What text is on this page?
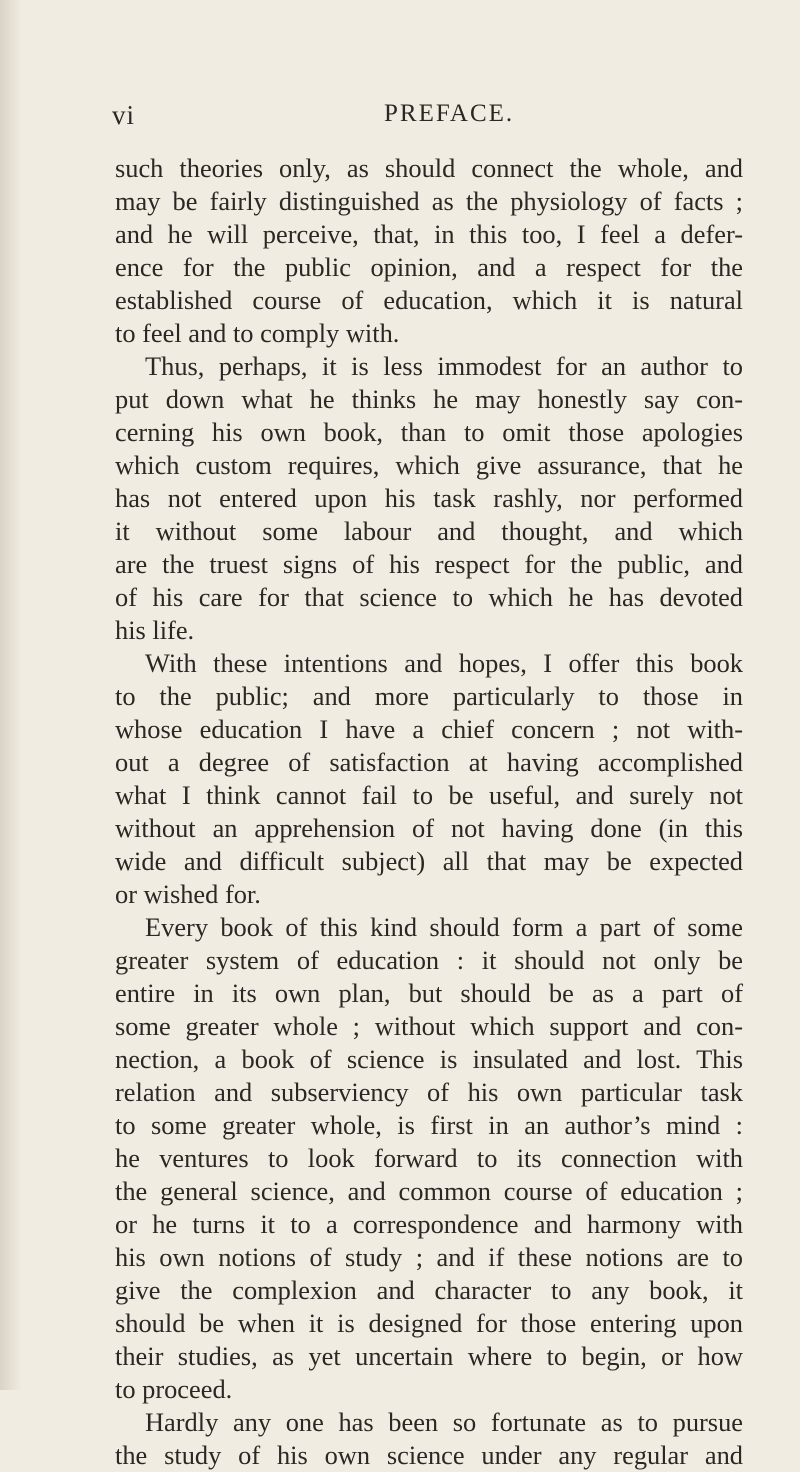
vi	PREFACE.
such theories only, as should connect the whole, and
may be fairly distinguished as the physiology of facts ;
and he will perceive, that, in this too, I feel a defer-
ence for the public opinion, and a respect for the
established course of education, which it is natural
to feel and to comply with.
Thus, perhaps, it is less immodest for an author to
put down what he thinks he may honestly say con-
cerning his own book, than to omit those apologies
which custom requires, which give assurance, that he
has not entered upon his task rashly, nor performed
it without some labour and thought, and which
are the truest signs of his respect for the public, and
of his care for that science to which he has devoted
his life.
With these intentions and hopes, I offer this book
to the public; and more particularly to those in
whose education I have a chief concern ; not with-
out a degree of satisfaction at having accomplished
what I think cannot fail to be useful, and surely not
without an apprehension of not having done (in this
wide and difficult subject) all that may be expected
or wished for.
Every book of this kind should form a part of some
greater system of education : it should not only be
entire in its own plan, but should be as a part of
some greater whole ; without which support and con-
nection, a book of science is insulated and lost. This
relation and subserviency of his own particular task
to some greater whole, is first in an author’s mind :
he ventures to look forward to its connection with
the general science, and common course of education ;
or he turns it to a correspondence and harmony with
his own notions of study ; and if these notions are to
give the complexion and character to any book, it
should be when it is designed for those entering upon
their studies, as yet uncertain where to begin, or how
to proceed.
Hardly any one has been so fortunate as to pursue
the study of his own science under any regular and
